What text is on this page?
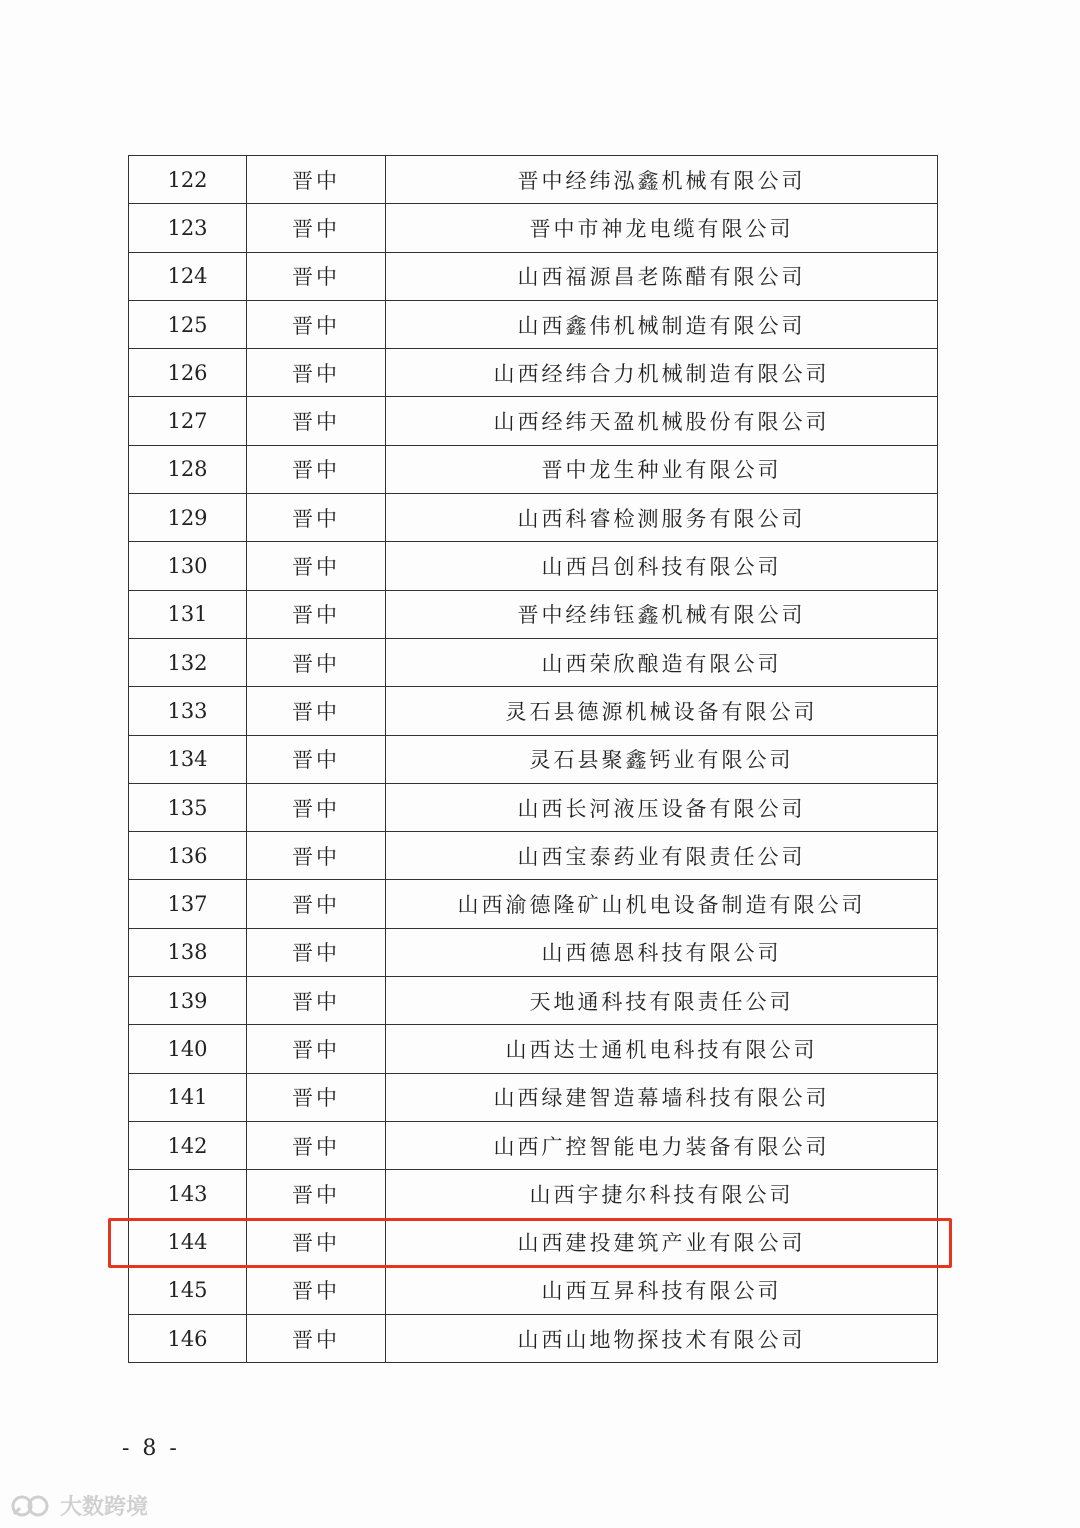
122	晋中	晋中经纬泓鑫机械有限公司
123	晋中	晋中市神龙电缆有限公司
124	晋中	山西福源昌老陈醋有限公司
125	晋中	山西鑫伟机械制造有限公司
126	晋中	山西经纬合力机械制造有限公司
127	晋中	山西经纬天盈机械股份有限公司
128	晋中	晋中龙生种业有限公司
129	晋中	山西科睿检测服务有限公司
130	晋中	山西吕创科技有限公司
131	晋中	晋中经纬钰鑫机械有限公司
132	晋中	山西荣欣酿造有限公司
133	晋中	灵石县德源机械设备有限公司
134	晋中	灵石县聚鑫钙业有限公司
135	晋中	山西长河液压设备有限公司
136	晋中	山西宝泰药业有限责任公司
137	晋中	山西渝德隆矿山机电设备制造有限公司
138	晋中	山西德恩科技有限公司
139	晋中	天地通科技有限责任公司
140	晋中	山西达士通机电科技有限公司
141	晋中	山西绿建智造幕墙科技有限公司
142	晋中	山西广控智能电力装备有限公司
143	晋中	山西宇捷尔科技有限公司
144	晋中	山西建投建筑产业有限公司
145	晋中	山西互昇科技有限公司
146	晋中	山西山地物探技术有限公司
- 8 -
大数跨境
